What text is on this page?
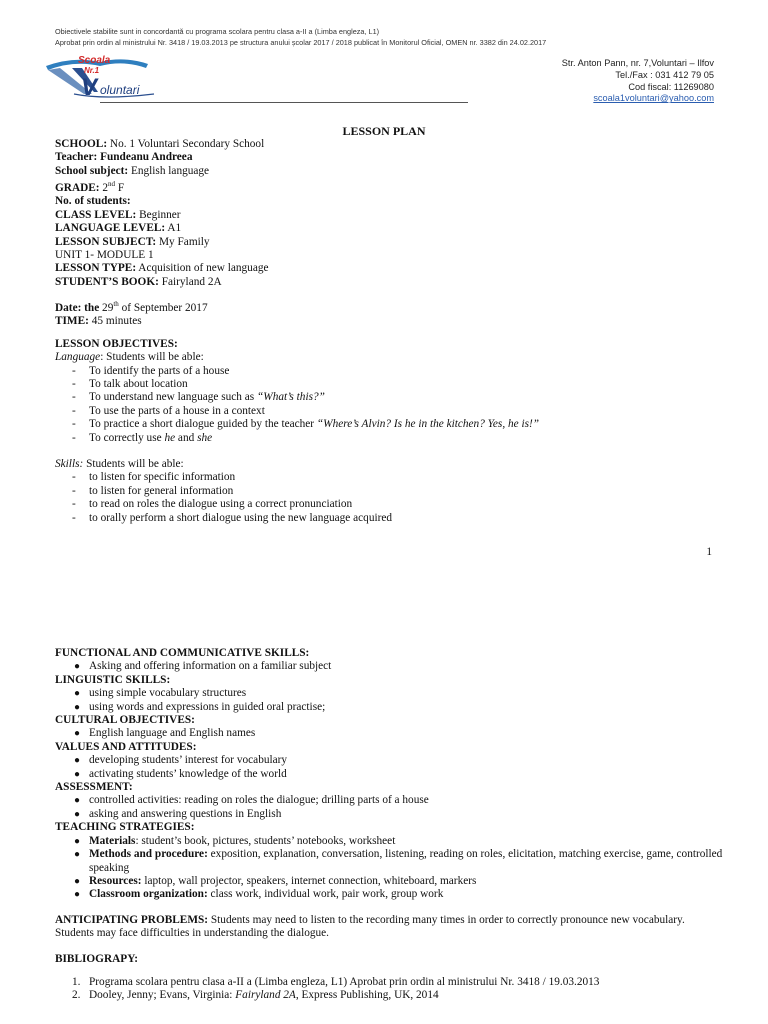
Obiectivele stabilite sunt in concordantă cu programa scolara pentru clasa a-II a (Limba engleza, L1)
Aprobat prin ordin al ministrului Nr. 3418 / 19.03.2013 pe structura anului școlar 2017 / 2018 publicat în Monitorul Oficial, OMEN nr. 3382 din 24.02.2017
Scoala
Nr.1
V oluntari
Str. Anton Pann, nr. 7,Voluntari – Ilfov
Tel./Fax : 031 412 79 05
Cod fiscal: 11269080
scoala1voluntari@yahoo.com
LESSON PLAN
SCHOOL: No. 1 Voluntari Secondary School
Teacher: Fundeanu Andreea
School subject: English language
GRADE: 2nd F
No. of students:
CLASS LEVEL: Beginner
LANGUAGE LEVEL: A1
LESSON SUBJECT: My Family
UNIT 1- MODULE 1
LESSON TYPE: Acquisition of new language
STUDENT’S BOOK: Fairyland 2A
Date: the 29th of September 2017
TIME: 45 minutes
LESSON OBJECTIVES:
Language: Students will be able:
-	To identify the parts of a house
-	To talk about location
-	To understand new language such as “What’s this?”
-	To use the parts of a house in a context
-	To practice a short dialogue guided by the teacher “Where’s Alvin? Is he in the kitchen? Yes, he is!”
-	To correctly use he and she
Skills: Students will be able:
-	to listen for specific information
-	to listen for general information
-	to read on roles the dialogue using a correct pronunciation
-	to orally perform a short dialogue using the new language acquired
1
FUNCTIONAL AND COMMUNICATIVE SKILLS:
● Asking and offering information on a familiar subject
LINGUISTIC SKILLS:
● using simple vocabulary structures
● using words and expressions in guided oral practise;
CULTURAL OBJECTIVES:
● English language and English names
VALUES AND ATTITUDES:
● developing students’ interest for vocabulary
● activating students’ knowledge of the world
ASSESSMENT:
● controlled activities: reading on roles the dialogue; drilling parts of a house
● asking and answering questions in English
TEACHING STRATEGIES:
● Materials: student’s book, pictures, students’ notebooks, worksheet
● Methods and procedure: exposition, explanation, conversation, listening, reading on roles, elicitation, matching exercise, game, controlled speaking
● Resources: laptop, wall projector, speakers, internet connection, whiteboard, markers
● Classroom organization: class work, individual work, pair work, group work
ANTICIPATING PROBLEMS: Students may need to listen to the recording many times in order to correctly pronounce new vocabulary. Students may face difficulties in understanding the dialogue.
BIBLIOGRAPY:
1. Programa scolara pentru clasa a-II a (Limba engleza, L1) Aprobat prin ordin al ministrului Nr. 3418 / 19.03.2013
2. Dooley, Jenny; Evans, Virginia: Fairyland 2A, Express Publishing, UK, 2014
